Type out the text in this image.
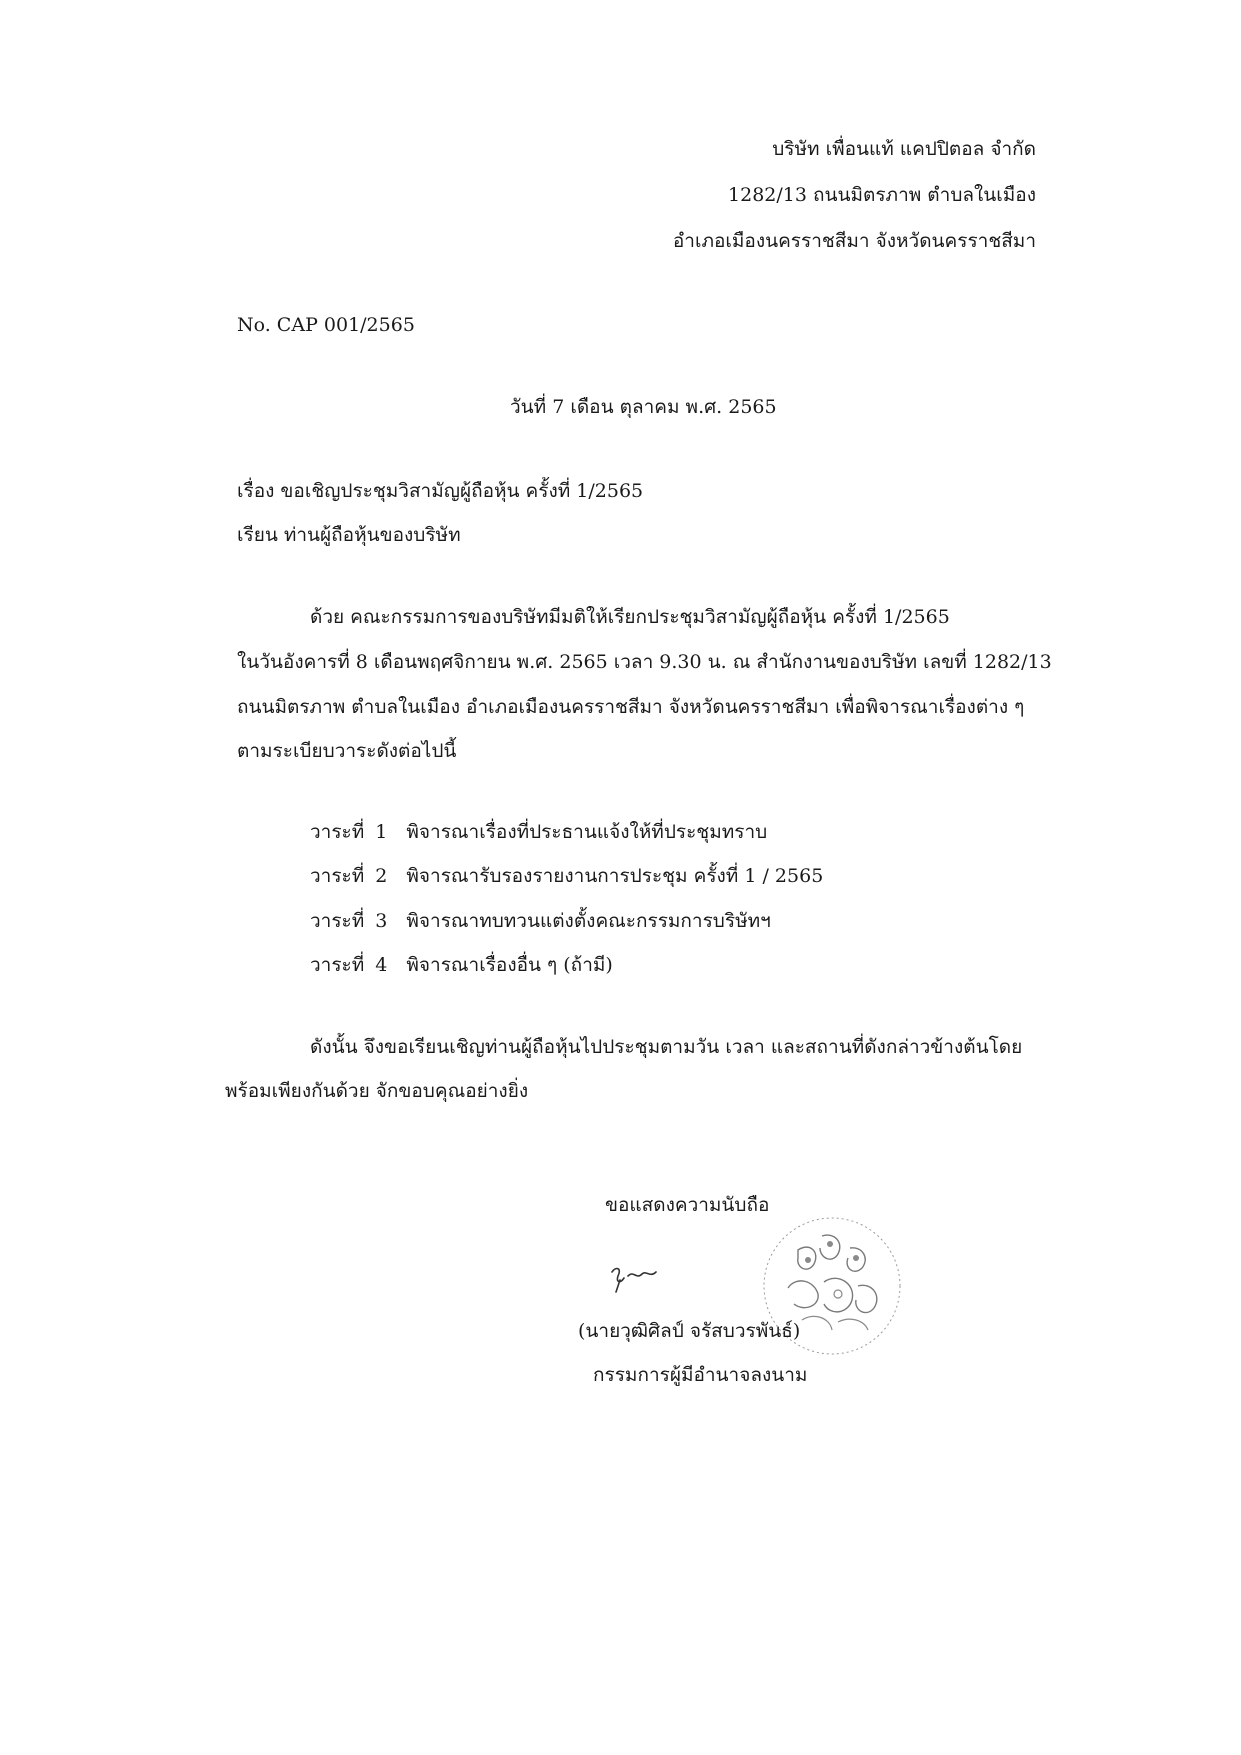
บริษัท เพื่อนแท้ แคปปิตอล จำกัด
1282/13 ถนนมิตรภาพ ตำบลในเมือง
อำเภอเมืองนครราชสีมา จังหวัดนครราชสีมา
No. CAP 001/2565
วันที่ 7 เดือน ตุลาคม พ.ศ. 2565
เรื่อง ขอเชิญประชุมวิสามัญผู้ถือหุ้น ครั้งที่ 1/2565
เรียน ท่านผู้ถือหุ้นของบริษัท
ด้วย คณะกรรมการของบริษัทมีมติให้เรียกประชุมวิสามัญผู้ถือหุ้น ครั้งที่ 1/2565
ในวันอังคารที่ 8 เดือนพฤศจิกายน พ.ศ. 2565 เวลา 9.30 น. ณ สำนักงานของบริษัท เลขที่ 1282/13
ถนนมิตรภาพ ตำบลในเมือง อำเภอเมืองนครราชสีมา จังหวัดนครราชสีมา เพื่อพิจารณาเรื่องต่าง ๆ
ตามระเบียบวาระดังต่อไปนี้
วาระที่ 1 พิจารณาเรื่องที่ประธานแจ้งให้ที่ประชุมทราบ
วาระที่ 2 พิจารณารับรองรายงานการประชุม ครั้งที่ 1 / 2565
วาระที่ 3 พิจารณาทบทวนแต่งตั้งคณะกรรมการบริษัทฯ
วาระที่ 4 พิจารณาเรื่องอื่น ๆ (ถ้ามี)
ดังนั้น จึงขอเรียนเชิญท่านผู้ถือหุ้นไปประชุมตามวัน เวลา และสถานที่ดังกล่าวข้างต้นโดย
พร้อมเพียงกันด้วย จักขอบคุณอย่างยิ่ง
ขอแสดงความนับถือ
(นายวุฒิศิลป์ จรัสบวรพันธ์)
กรรมการผู้มีอำนาจลงนาม
